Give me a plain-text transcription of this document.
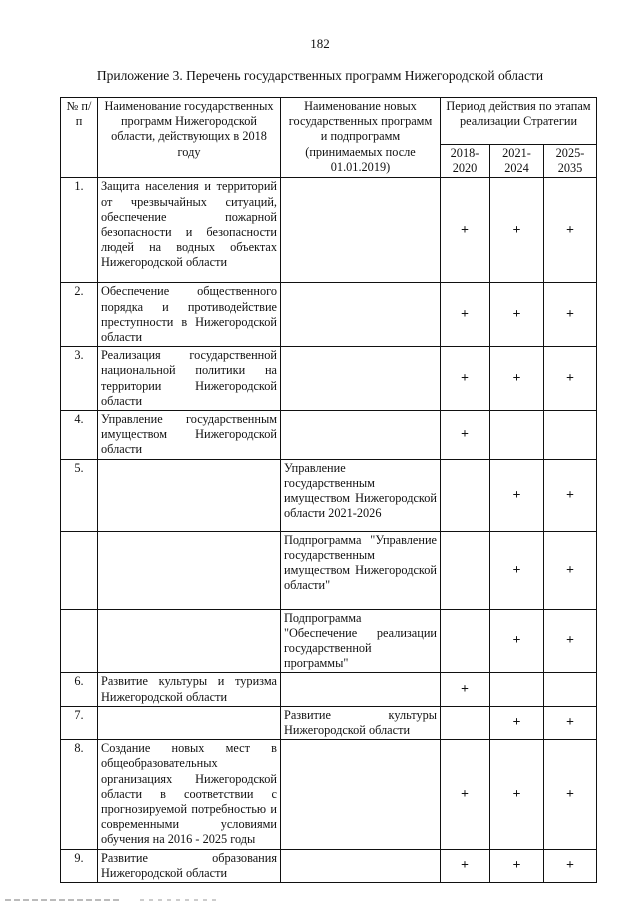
182
Приложение 3. Перечень государственных программ Нижегородской области
№ п/п	Наименование государственных программ Нижегородской области, действующих в 2018 году	Наименование новых государственных программ и подпрограмм (принимаемых после 01.01.2019)	Период действия по этапам реализации Стратегии		
			2018-2020	2021-2024	2025-2035
1.	Защита населения и территорий от чрезвычайных ситуаций, обеспечение пожарной безопасности и безопасности людей на водных объектах Нижегородской области		+	+	+
2.	Обеспечение общественного порядка и противодействие преступности в Нижегородской области		+	+	+
3.	Реализация государственной национальной политики на территории Нижегородской области		+	+	+
4.	Управление государственным имуществом Нижегородской области		+		
5.		Управление государственным имуществом Нижегородской области 2021-2026		+	+
		Подпрограмма "Управление государственным имуществом Нижегородской области"		+	+
		Подпрограмма "Обеспечение реализации государственной программы"		+	+
6.	Развитие культуры и туризма Нижегородской области		+		
7.		Развитие культуры Нижегородской области		+	+
8.	Создание новых мест в общеобразовательных организациях Нижегородской области в соответствии с прогнозируемой потребностью и современными условиями обучения на 2016 - 2025 годы		+	+	+
9.	Развитие образования Нижегородской области		+	+	+
